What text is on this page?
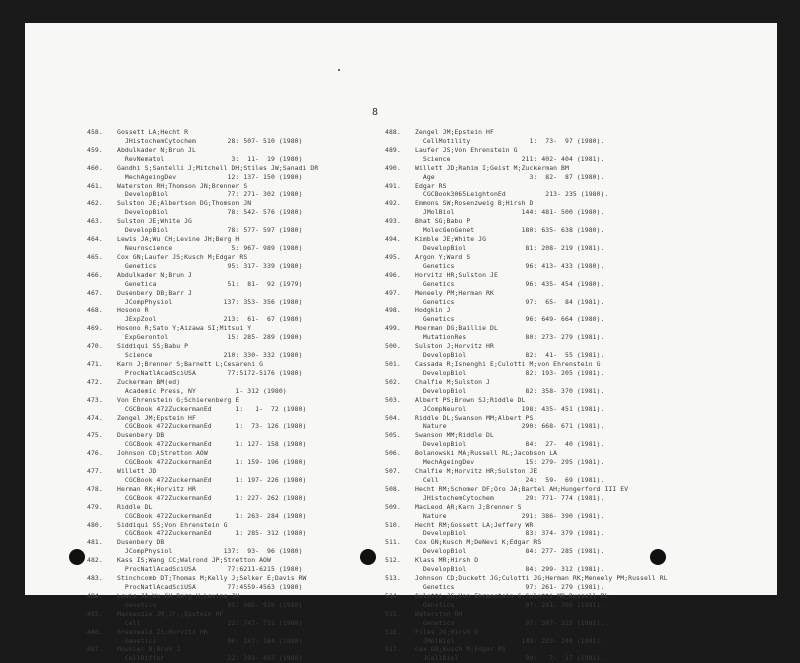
8
458. Gossett LA;Hecht R
JHistochemCytochem        28: 507- 510 (1980)
459. Abdulkader N;Brun JL
RevNematol                 3:  11-  19 (1980)
460. Gandhi S;Santelli J;Mitchell DH;Stiles JW;Sanadi DR
MechAgeingDev             12: 137- 150 (1980)
461. Waterston RH;Thomson JN;Brenner S
DevelopBiol               77: 271- 302 (1980)
462. Sulston JE;Albertson DG;Thomson JN
DevelopBiol               78: 542- 576 (1980)
463. Sulston JE;White JG
DevelopBiol               78: 577- 597 (1980)
464. Lewis JA;Wu CH;Levine JH;Berg H
Neuroscience               5: 967- 989 (1980)
465. Cox GN;Laufer JS;Kusch M;Edgar RS
Genetics                  95: 317- 339 (1980)
466. Abdulkader N;Brun J
Genetica                  51:  81-  92 (1979)
467. Dusenbery DB;Barr J
JCompPhysiol             137: 353- 356 (1980)
468. Hosono R
JExpZool                 213:  61-  67 (1980)
469. Hosono R;Sato Y;Aizawa SI;Mitsui Y
ExpGerontol               15: 285- 289 (1980)
470. Siddiqui SS;Babu P
Science                  210: 330- 332 (1980)
471. Karn J;Brenner S;Barnett L;Cesareni G
ProcNatlAcadSciUSA        77:5172-5176 (1980)
472. Zuckerman BM(ed)
Academic Press, NY          1- 312 (1980)
473. Von Ehrenstein G;Schierenberg E
CGCBook 472ZuckermanEd      1:   1-  72 (1980)
474. Zengel JM;Epstein HF
CGCBook 472ZuckermanEd      1:  73- 126 (1980)
475. Dusenbery DB
CGCBook 472ZuckermanEd      1: 127- 158 (1980)
476. Johnson CD;Stretton AOW
CGCBook 472ZuckermanEd      1: 159- 196 (1980)
477. Willett JD
CGCBook 472ZuckermanEd      1: 197- 226 (1980)
478. Herman RK;Horvitz HR
CGCBook 472ZuckermanEd      1: 227- 262 (1980)
479. Riddle DL
CGCBook 472ZuckermanEd      1: 263- 284 (1980)
480. Siddiqui SS;Von Ehrenstein G
CGCBook 472ZuckermanEd      1: 285- 312 (1980)
481. Dusenbery DB
JCompPhysiol             137:  93-  96 (1980)
482. Kass IS;Wang CC;Walrond JP;Stretton AOW
ProcNatlAcadSciUSA        77:6211-6215 (1980)
483. Stinchcomb DT;Thomas M;Kelly J;Selker E;Davis RW
ProcNatlAcadSciUSA        77:4559-4563 (1980)
484. Lewis JA;Wu CH;Berg H;Levine JH
Genetics                  95: 905- 928 (1980)
485. Mackenzie JM,Jr.;Epstein HF
Cell                      22: 747- 755 (1980)
486. Greenwald IS;Horvitz HR
Genetics                  96: 147- 164 (1980)
487. Mounier N;Brun J
CellDiffer                22: 391- 403 (1980)
488. Zengel JM;Epstein HF
CellMotility               1:  73-  97 (1980).
489. Laufer JS;Von Ehrenstein G
Science                  211: 402- 404 (1981).
490. Willett JD;Rahim I;Geist M;Zuckerman BM
Age                        3:  82-  87 (1980).
491. Edgar RS
CGCBook3065LeightonEd          213- 235 (1980).
492. Emmons SW;Rosenzweig B;Hirsh D
JMolBiol                 144: 481- 500 (1980).
493. Bhat SG;Babu P
MolecGenGenet            180: 635- 638 (1980).
494. Kimble JE;White JG
DevelopBiol               81: 208- 219 (1981).
495. Argon Y;Ward S
Genetics                  96: 413- 433 (1980).
496. Horvitz HR;Sulston JE
Genetics                  96: 435- 454 (1980).
497. Meneely PM;Herman RK
Genetics                  97:  65-  84 (1981).
498. Hodgkin J
Genetics                  96: 649- 664 (1980).
499. Moerman DG;Baillie DL
MutationRes               80: 273- 279 (1981).
500. Sulston J;Horvitz HR
DevelopBiol               82:  41-  55 (1981).
501. Cassada R;Isnenghi E;Culotti M;von Ehrenstein G
DevelopBiol               82: 193- 205 (1981).
502. Chalfie M;Sulston J
DevelopBiol               82: 358- 370 (1981).
503. Albert PS;Brown SJ;Riddle DL
JCompNeurol              198: 435- 451 (1981).
504. Riddle DL;Swanson MM;Albert PS
Nature                   290: 668- 671 (1981).
505. Swanson MM;Riddle DL
DevelopBiol               84:  27-  40 (1981).
506. Bolanowski MA;Russell RL;Jacobson LA
MechAgeingDev             15: 279- 295 (1981).
507. Chalfie M;Horvitz HR;Sulston JE
Cell                      24:  59-  69 (1981).
508. Hecht RM;Schomer DF;Oro JA;Bartel AH;Hungerford III EV
JHistochemCytochem        29: 771- 774 (1981).
509. MacLeod AR;Karn J;Brenner S
Nature                   291: 386- 390 (1981).
510. Hecht RM;Gossett LA;Jeffery WR
DevelopBiol               83: 374- 379 (1981).
511. Cox GN;Kusch M;DeNevi K;Edgar RS
DevelopBiol               84: 277- 285 (1981).
512. Klass MR;Hirsh D
DevelopBiol               84: 299- 312 (1981).
513. Johnson CD;Duckett JG;Culotti JG;Herman RK;Meneely PM;Russell RL
Genetics                  97: 261- 279 (1981).
514. Culotti JG;Von Ehrenstein G;Culotti MR;Russell RL
Genetics                  97: 281- 305 (1981).
515. Waterston RH
Genetics                  97: 307- 325 (1981).
516. Files JG;Hirsh D
JMolBiol                 149: 223- 240 (1981).
517. Cox GN;Kusch M;Edgar RS
JCellBiol                 90:   7-  17 (1981).
